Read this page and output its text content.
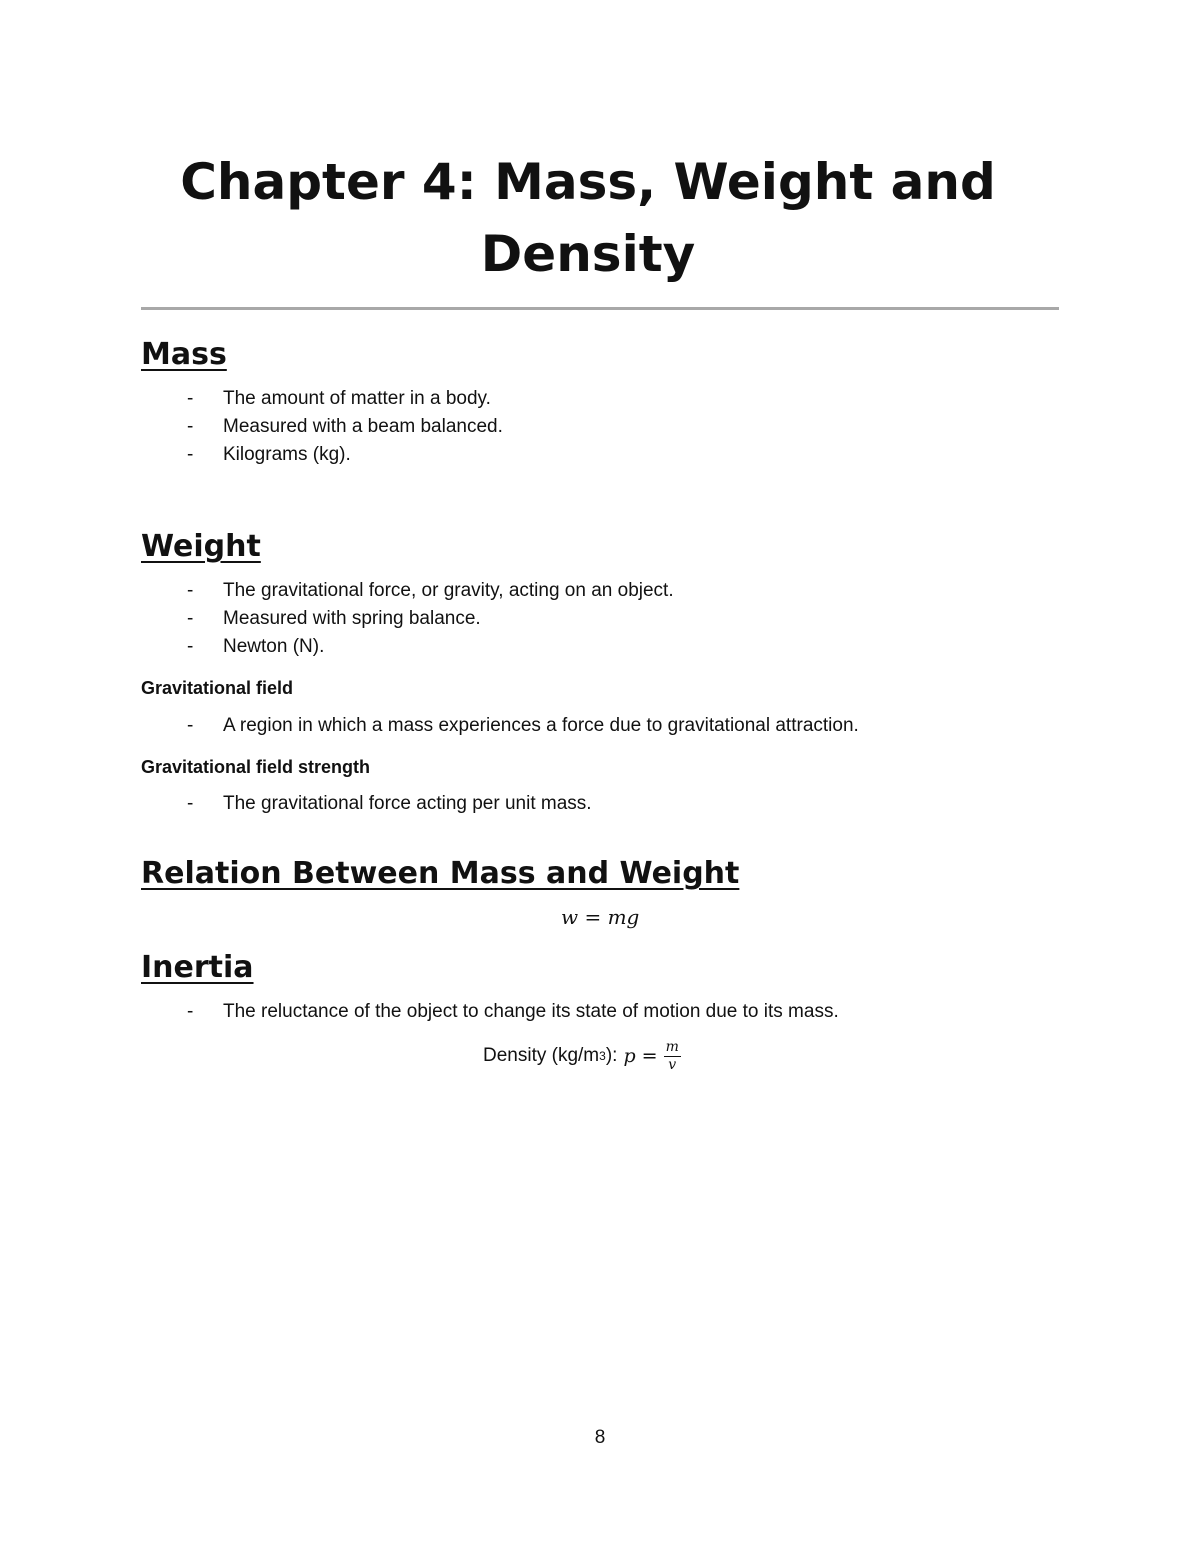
Chapter 4: Mass, Weight and
Density
Mass
- The amount of matter in a body.
- Measured with a beam balanced.
- Kilograms (kg).
Weight
- The gravitational force, or gravity, acting on an object.
- Measured with spring balance.
- Newton (N).
Gravitational field
- A region in which a mass experiences a force due to gravitational attraction.
Gravitational field strength
- The gravitational force acting per unit mass.
Relation Between Mass and Weight
w = mg
Inertia
- The reluctance of the object to change its state of motion due to its mass.
Density (kg/m 3 ): $p = \frac{m}{v}$
8
